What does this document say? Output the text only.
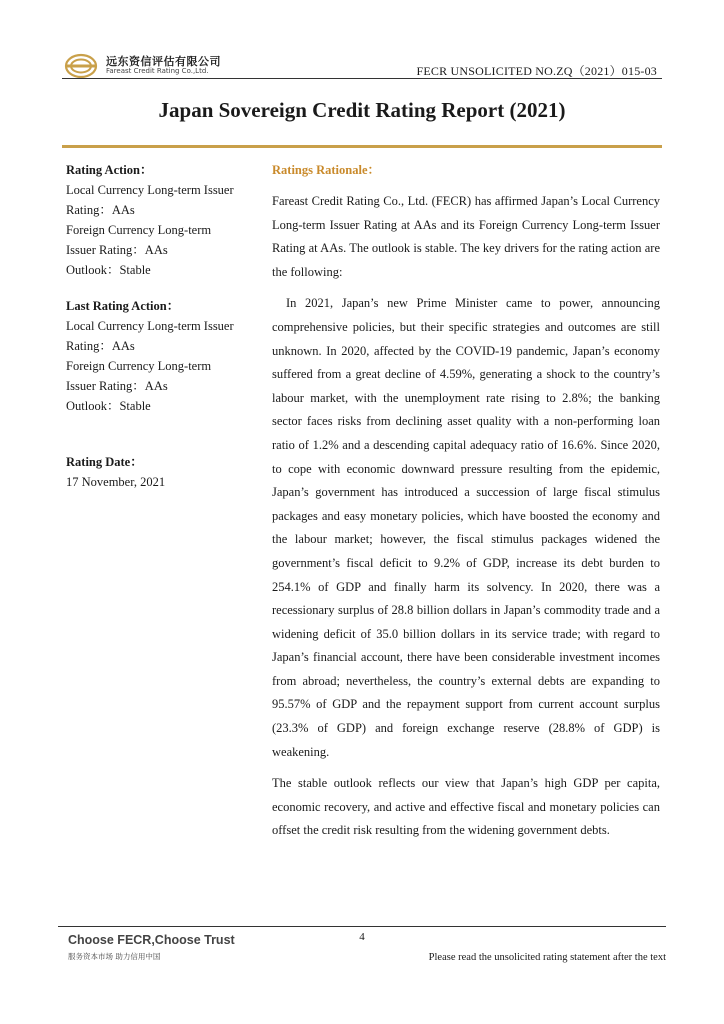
远东资信评估有限公司
Fareast Credit Rating Co.,Ltd.	FECR UNSOLICITED NO.ZQ（2021）015-03
Japan Sovereign Credit Rating Report (2021)
Rating Action：
Local Currency Long-term Issuer
Rating：AAs
Foreign Currency Long-term
Issuer Rating：AAs
Outlook：Stable
Last Rating Action：
Local Currency Long-term Issuer
Rating：AAs
Foreign Currency Long-term
Issuer Rating：AAs
Outlook：Stable
Rating Date：
17 November, 2021
Ratings Rationale：

Fareast Credit Rating Co., Ltd. (FECR) has affirmed Japan’s Local Currency Long-term Issuer Rating at AAs and its Foreign Currency Long-term Issuer Rating at AAs. The outlook is stable. The key drivers for the rating action are the following:

In 2021, Japan’s new Prime Minister came to power, announcing comprehensive policies, but their specific strategies and outcomes are still unknown. In 2020, affected by the COVID-19 pandemic, Japan’s economy suffered from a great decline of 4.59%, generating a shock to the country’s labour market, with the unemployment rate rising to 2.8%; the banking sector faces risks from declining asset quality with a non-performing loan ratio of 1.2% and a descending capital adequacy ratio of 16.6%. Since 2020, to cope with economic downward pressure resulting from the epidemic, Japan’s government has introduced a succession of large fiscal stimulus packages and easy monetary policies, which have boosted the economy and the labour market; however, the fiscal stimulus packages widened the government’s fiscal deficit to 9.2% of GDP, increase its debt burden to 254.1% of GDP and finally harm its solvency. In 2020, there was a recessionary surplus of 28.8 billion dollars in Japan’s commodity trade and a widening deficit of 35.0 billion dollars in its service trade; with regard to Japan’s financial account, there have been considerable investment incomes from abroad; nevertheless, the country’s external debts are expanding to 95.57% of GDP and the repayment support from current account surplus (23.3% of GDP) and foreign exchange reserve (28.8% of GDP) is weakening.

The stable outlook reflects our view that Japan’s high GDP per capita, economic recovery, and active and effective fiscal and monetary policies can offset the credit risk resulting from the widening government debts.

Choose FECR,Choose Trust
服务资本市场 助力信用中国
4
Please read the unsolicited rating statement after the text
